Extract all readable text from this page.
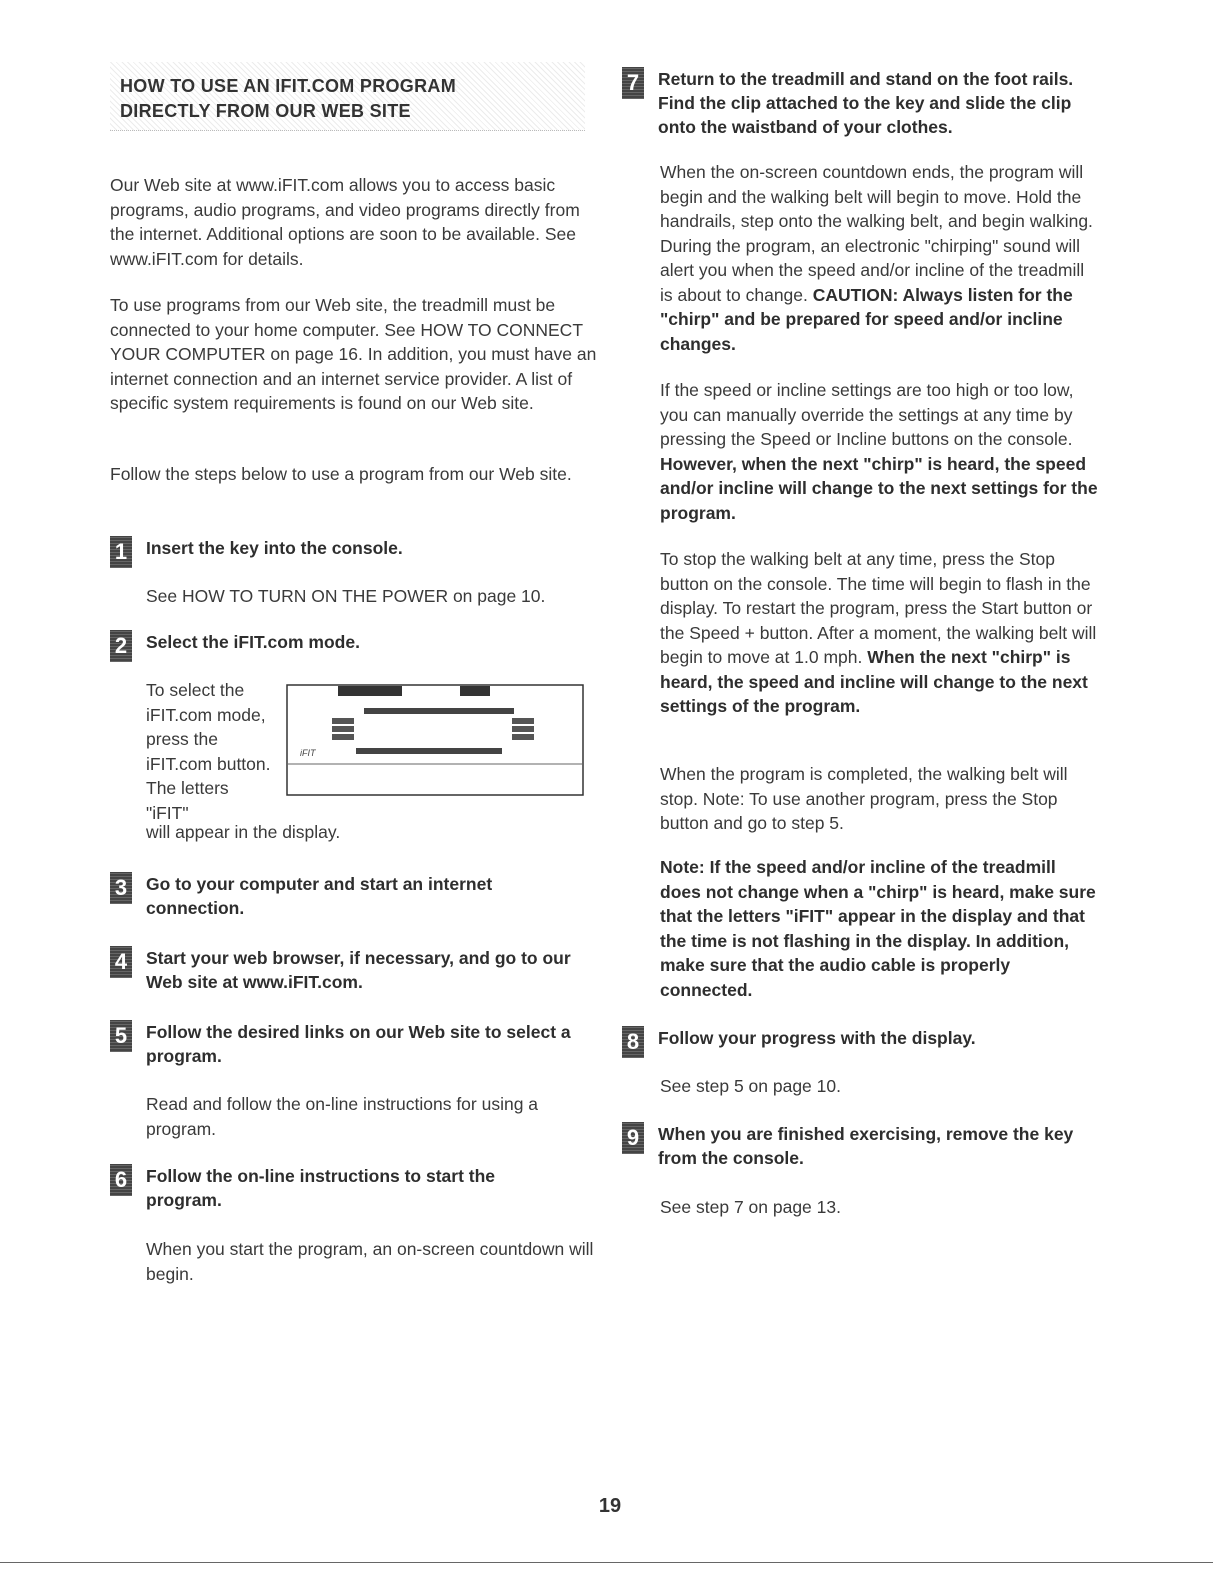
HOW TO USE AN IFIT.COM PROGRAM
DIRECTLY FROM OUR WEB SITE

Our Web site at www.iFIT.com allows you to access basic programs, audio programs, and video programs directly from the internet. Additional options are soon to be available. See www.iFIT.com for details.

To use programs from our Web site, the treadmill must be connected to your home computer. See HOW TO CONNECT YOUR COMPUTER on page 16. In addition, you must have an internet connection and an internet service provider. A list of specific system requirements is found on our Web site.

Follow the steps below to use a program from our Web site.

1 Insert the key into the console.

See HOW TO TURN ON THE POWER on page 10.

2 Select the iFIT.com mode.

To select the iFIT.com mode, press the iFIT.com button. The letters "iFIT"

will appear in the display.

iFIT
3 Go to your computer and start an internet connection.
4 Start your web browser, if necessary, and go to our Web site at www.iFIT.com.
5 Follow the desired links on our Web site to select a program.

Read and follow the on-line instructions for using a program.

6 Follow the on-line instructions to start the program.

When you start the program, an on-screen countdown will begin.

7 Return to the treadmill and stand on the foot rails. Find the clip attached to the key and slide the clip onto the waistband of your clothes.

When the on-screen countdown ends, the program will begin and the walking belt will begin to move. Hold the handrails, step onto the walking belt, and begin walking. During the program, an electronic "chirping" sound will alert you when the speed and/or incline of the treadmill is about to change. CAUTION: Always listen for the "chirp" and be prepared for speed and/or incline changes.

If the speed or incline settings are too high or too low, you can manually override the settings at any time by pressing the Speed or Incline buttons on the console. However, when the next "chirp" is heard, the speed and/or incline will change to the next settings for the program.

To stop the walking belt at any time, press the Stop button on the console. The time will begin to flash in the display. To restart the program, press the Start button or the Speed + button. After a moment, the walking belt will begin to move at 1.0 mph. When the next "chirp" is heard, the speed and incline will change to the next settings of the program.

When the program is completed, the walking belt will stop. Note: To use another program, press the Stop button and go to step 5.

Note: If the speed and/or incline of the treadmill does not change when a "chirp" is heard, make sure that the letters "iFIT" appear in the display and that the time is not flashing in the display. In addition, make sure that the audio cable is properly connected.

8 Follow your progress with the display.

See step 5 on page 10.

9 When you are finished exercising, remove the key from the console.

See step 7 on page 13.

19
